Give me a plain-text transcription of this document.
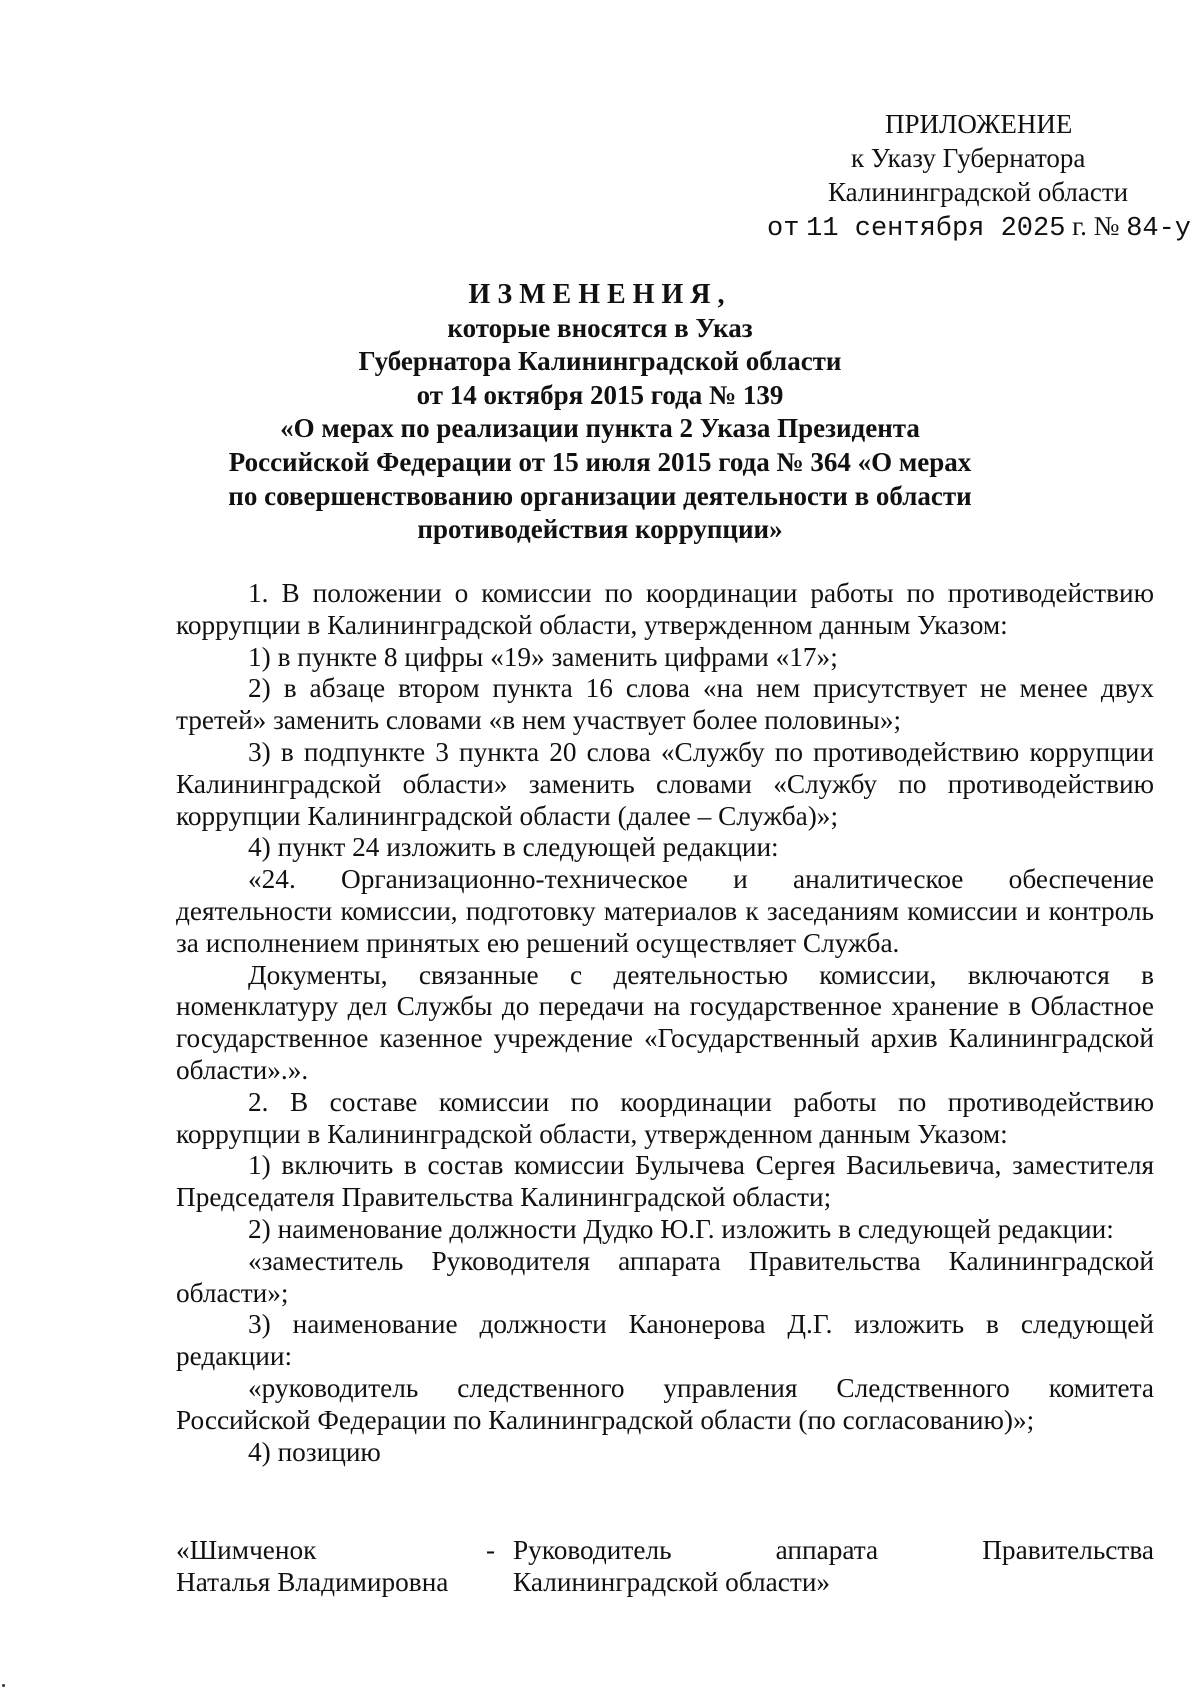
ПРИЛОЖЕНИЕ
к Указу Губернатора
Калининградской области
от 11 сентября 2025 г. № 84-у
ИЗМЕНЕНИЯ,
которые вносятся в Указ
Губернатора Калининградской области
от 14 октября 2015 года № 139
«О мерах по реализации пункта 2 Указа Президента
Российской Федерации от 15 июля 2015 года № 364 «О мерах
по совершенствованию организации деятельности в области
противодействия коррупции»

1. В положении о комиссии по координации работы по противодействию коррупции в Калининградской области, утвержденном данным Указом:

1) в пункте 8 цифры «19» заменить цифрами «17»;

2) в абзаце втором пункта 16 слова «на нем присутствует не менее двух третей» заменить словами «в нем участвует более половины»;

3) в подпункте 3 пункта 20 слова «Службу по противодействию коррупции Калининградской области» заменить словами «Службу по противодействию коррупции Калининградской области (далее – Служба)»;

4) пункт 24 изложить в следующей редакции:

«24. Организационно-техническое и аналитическое обеспечение деятельности комиссии, подготовку материалов к заседаниям комиссии и контроль за исполнением принятых ею решений осуществляет Служба.

Документы, связанные с деятельностью комиссии, включаются в номенклатуру дел Службы до передачи на государственное хранение в Областное государственное казенное учреждение «Государственный архив Калининградской области».».

2. В составе комиссии по координации работы по противодействию коррупции в Калининградской области, утвержденном данным Указом:

1) включить в состав комиссии Булычева Сергея Васильевича, заместителя Председателя Правительства Калининградской области;

2) наименование должности Дудко Ю.Г. изложить в следующей редакции:

«заместитель Руководителя аппарата Правительства Калининградской области»;

3) наименование должности Канонерова Д.Г. изложить в следующей редакции:

«руководитель следственного управления Следственного комитета Российской Федерации по Калининградской области (по согласованию)»;

4) позицию

«Шимченок
Наталья Владимировна
- Руководитель аппарата Правительства
Калининградской области»
